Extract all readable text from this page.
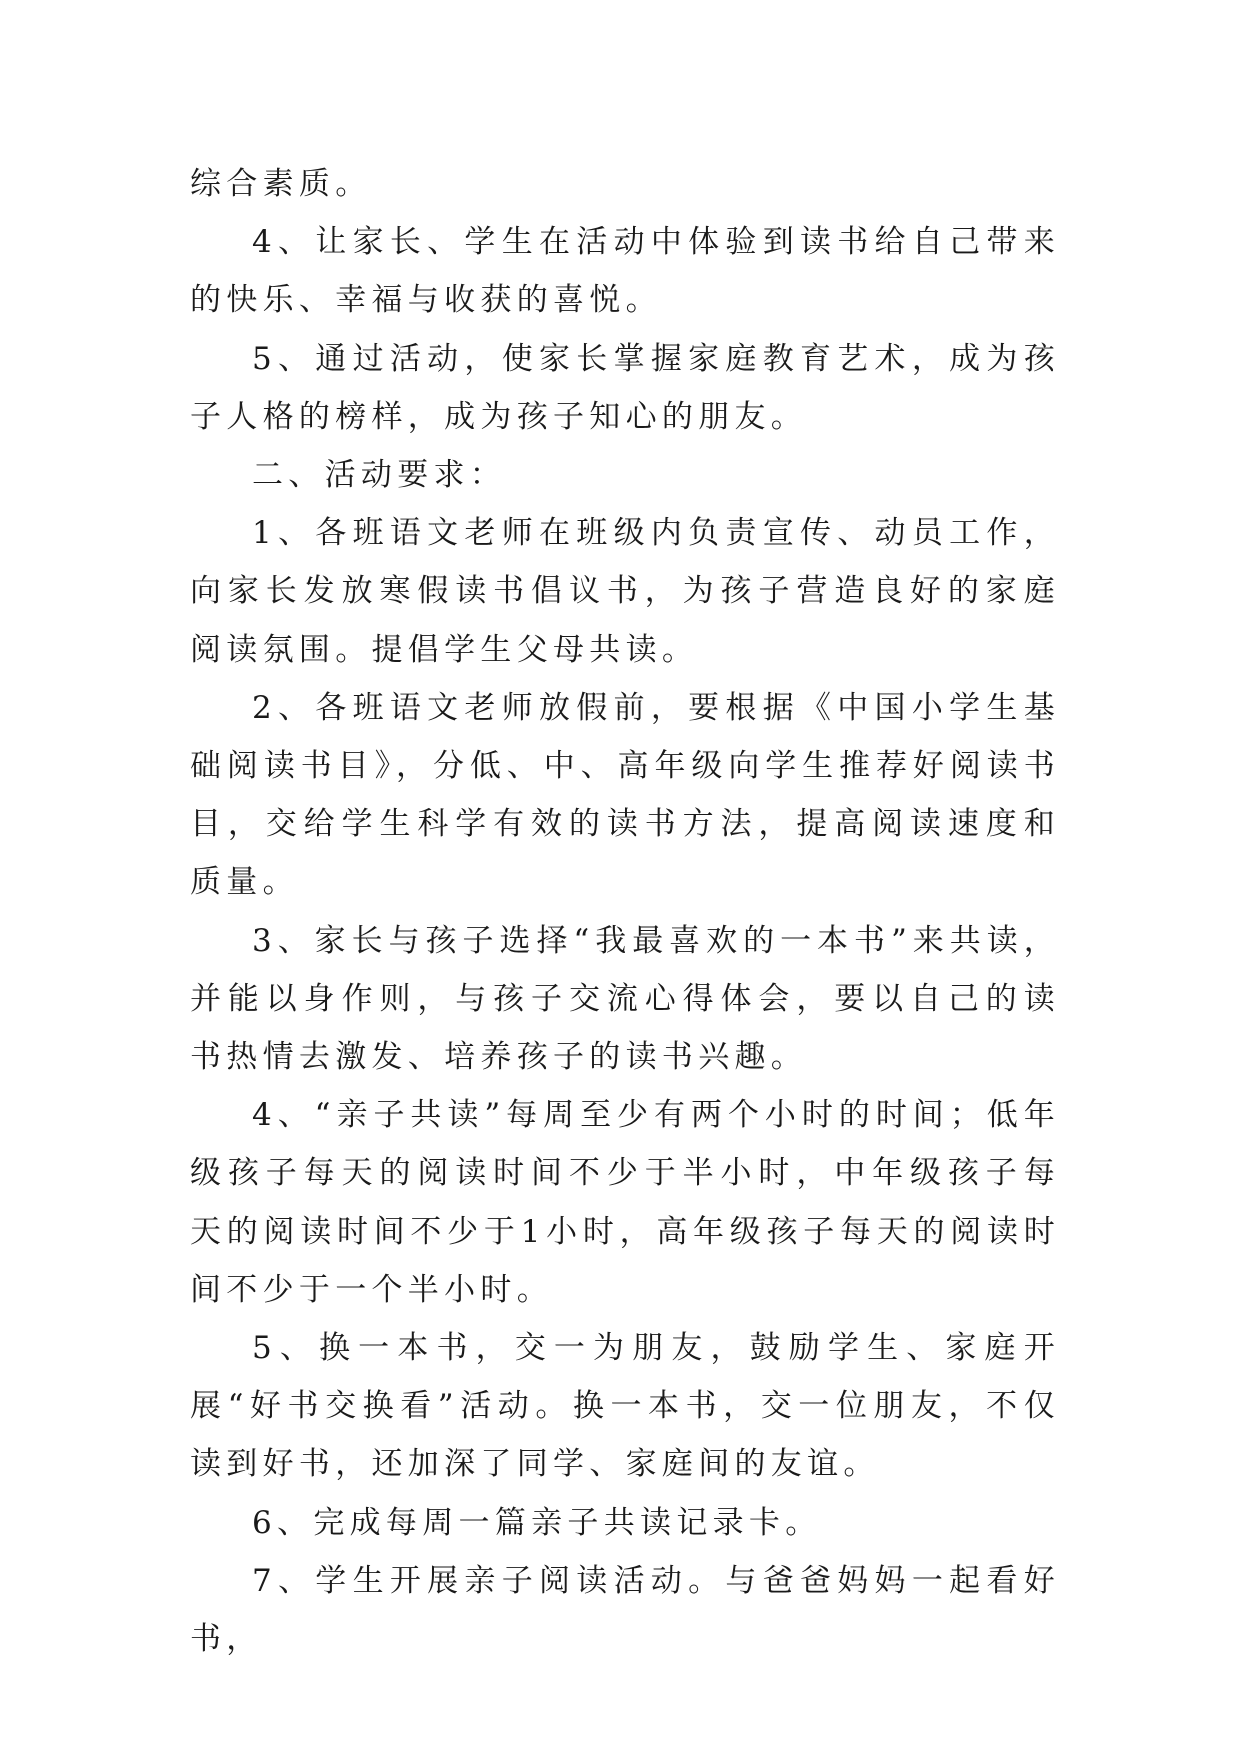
综合素质。

4、让家长、学生在活动中体验到读书给自己带来的快乐、幸福与收获的喜悦。

5、通过活动，使家长掌握家庭教育艺术，成为孩子人格的榜样，成为孩子知心的朋友。

二、活动要求：

1、各班语文老师在班级内负责宣传、动员工作，向家长发放寒假读书倡议书，为孩子营造良好的家庭阅读氛围。提倡学生父母共读。

2、各班语文老师放假前，要根据《中国小学生基础阅读书目》，分低、中、高年级向学生推荐好阅读书目，交给学生科学有效的读书方法，提高阅读速度和质量。

3、家长与孩子选择“我最喜欢的一本书”来共读，并能以身作则，与孩子交流心得体会，要以自己的读书热情去激发、培养孩子的读书兴趣。

4、“亲子共读”每周至少有两个小时的时间；低年级孩子每天的阅读时间不少于半小时，中年级孩子每天的阅读时间不少于1小时，高年级孩子每天的阅读时间不少于一个半小时。

5、换一本书，交一为朋友，鼓励学生、家庭开展“好书交换看”活动。换一本书，交一位朋友，不仅读到好书，还加深了同学、家庭间的友谊。

6、完成每周一篇亲子共读记录卡。

7、学生开展亲子阅读活动。与爸爸妈妈一起看好书，
